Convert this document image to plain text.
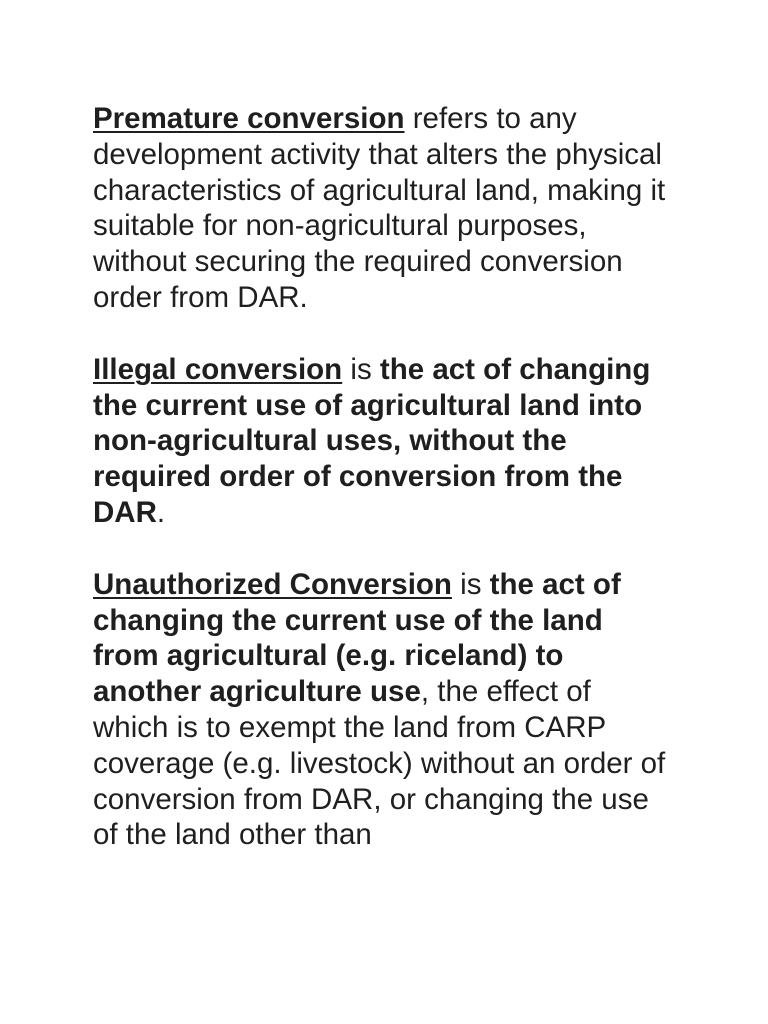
Premature conversion refers to any development activity that alters the physical characteristics of agricultural land, making it suitable for non-agricultural purposes, without securing the required conversion order from DAR.

Illegal conversion is the act of changing the current use of agricultural land into non-agricultural uses, without the required order of conversion from the DAR.

Unauthorized Conversion is the act of changing the current use of the land from agricultural (e.g. riceland) to another agriculture use, the effect of which is to exempt the land from CARP coverage (e.g. livestock) without an order of conversion from DAR, or changing the use of the land other than
